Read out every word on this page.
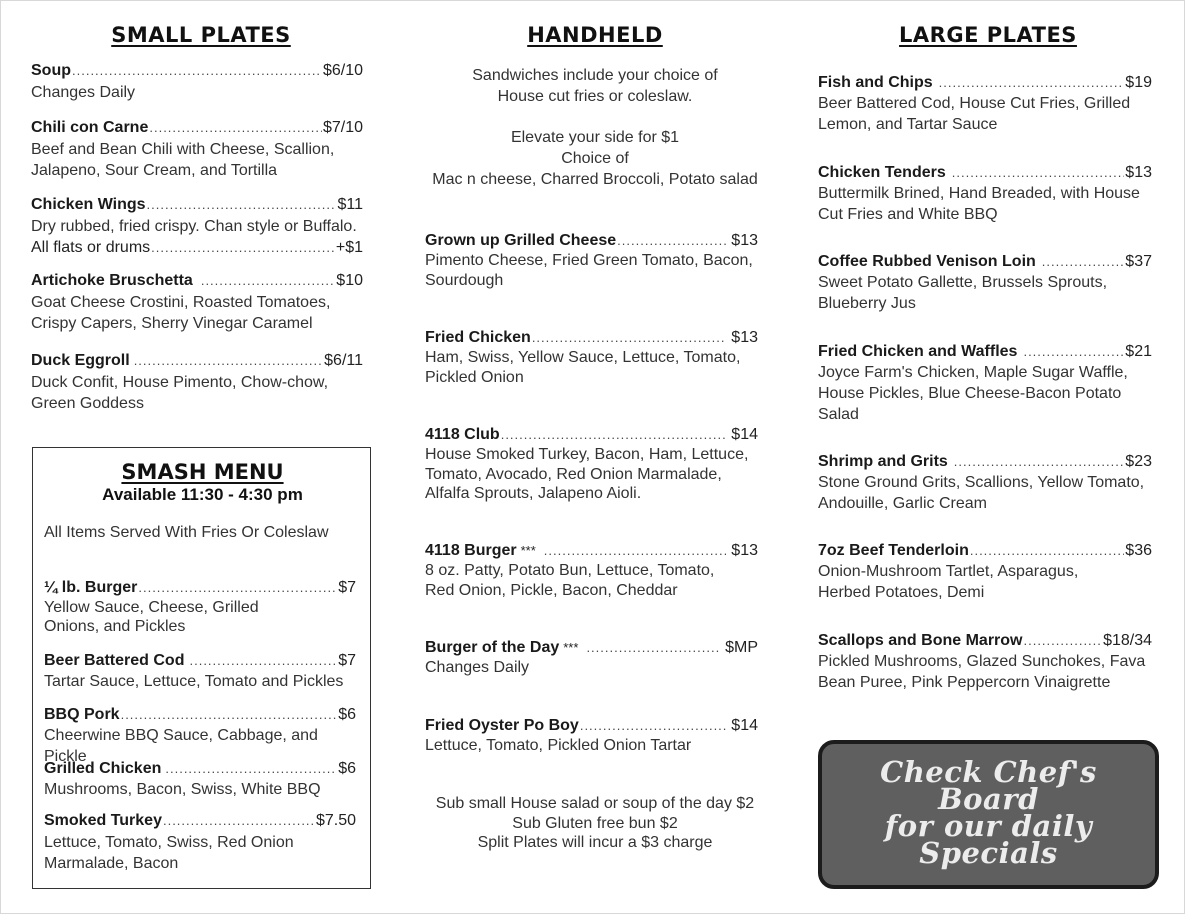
SMALL PLATES
Soup .....	$6/10
Changes Daily
Chili con Carne .....	$7/10
Beef and Bean Chili with Cheese, Scallion,
Jalapeno, Sour Cream, and Tortilla
Chicken Wings .....	$11
Dry rubbed, fried crispy. Chan style or Buffalo.
All flats or drums .....	+$1
Artichoke Bruschetta .....	$10
Goat Cheese Crostini, Roasted Tomatoes,
Crispy Capers, Sherry Vinegar Caramel
Duck Eggroll .....	$6/11
Duck Confit, House Pimento, Chow-chow,
Green Goddess
SMASH MENU
Available 11:30 - 4:30 pm
All Items Served With Fries Or Coleslaw
¼ lb. Burger .....	$7
Yellow Sauce, Cheese, Grilled
Onions, and Pickles
Beer Battered Cod .....	$7
Tartar Sauce, Lettuce, Tomato and Pickles
BBQ Pork .....	$6
Cheerwine BBQ Sauce, Cabbage, and Pickle
Grilled Chicken .....	$6
Mushrooms, Bacon, Swiss, White BBQ
Smoked Turkey .....	$7.50
Lettuce, Tomato, Swiss, Red Onion
Marmalade, Bacon
HANDHELD
Sandwiches include your choice of
House cut fries or coleslaw.
Elevate your side for $1
Choice of
Mac n cheese, Charred Broccoli, Potato salad
Grown up Grilled Cheese .....	$13
Pimento Cheese, Fried Green Tomato, Bacon,
Sourdough
Fried Chicken .....	$13
Ham, Swiss, Yellow Sauce, Lettuce, Tomato,
Pickled Onion
4118 Club .....	$14
House Smoked Turkey, Bacon, Ham, Lettuce,
Tomato, Avocado, Red Onion Marmalade,
Alfalfa Sprouts, Jalapeno Aioli.
4118 Burger *** .....	$13
8 oz. Patty, Potato Bun, Lettuce, Tomato,
Red Onion, Pickle, Bacon, Cheddar
Burger of the Day *** .....	$MP
Changes Daily
Fried Oyster Po Boy .....	$14
Lettuce, Tomato, Pickled Onion Tartar
Sub small House salad or soup of the day $2
Sub Gluten free bun $2
Split Plates will incur a $3 charge
LARGE PLATES
Fish and Chips .....	$19
Beer Battered Cod, House Cut Fries, Grilled
Lemon, and Tartar Sauce
Chicken Tenders .....	$13
Buttermilk Brined, Hand Breaded, with House
Cut Fries and White BBQ
Coffee Rubbed Venison Loin .....	$37
Sweet Potato Gallette, Brussels Sprouts,
Blueberry Jus
Fried Chicken and Waffles .....	$21
Joyce Farm's Chicken, Maple Sugar Waffle,
House Pickles, Blue Cheese-Bacon Potato
Salad
Shrimp and Grits .....	$23
Stone Ground Grits, Scallions, Yellow Tomato,
Andouille, Garlic Cream
7oz Beef Tenderloin .....	$36
Onion-Mushroom Tartlet, Asparagus,
Herbed Potatoes, Demi
Scallops and Bone Marrow .....	$18/34
Pickled Mushrooms, Glazed Sunchokes, Fava
Bean Puree, Pink Peppercorn Vinaigrette
Check Chef's
Board
for our daily
Specials
